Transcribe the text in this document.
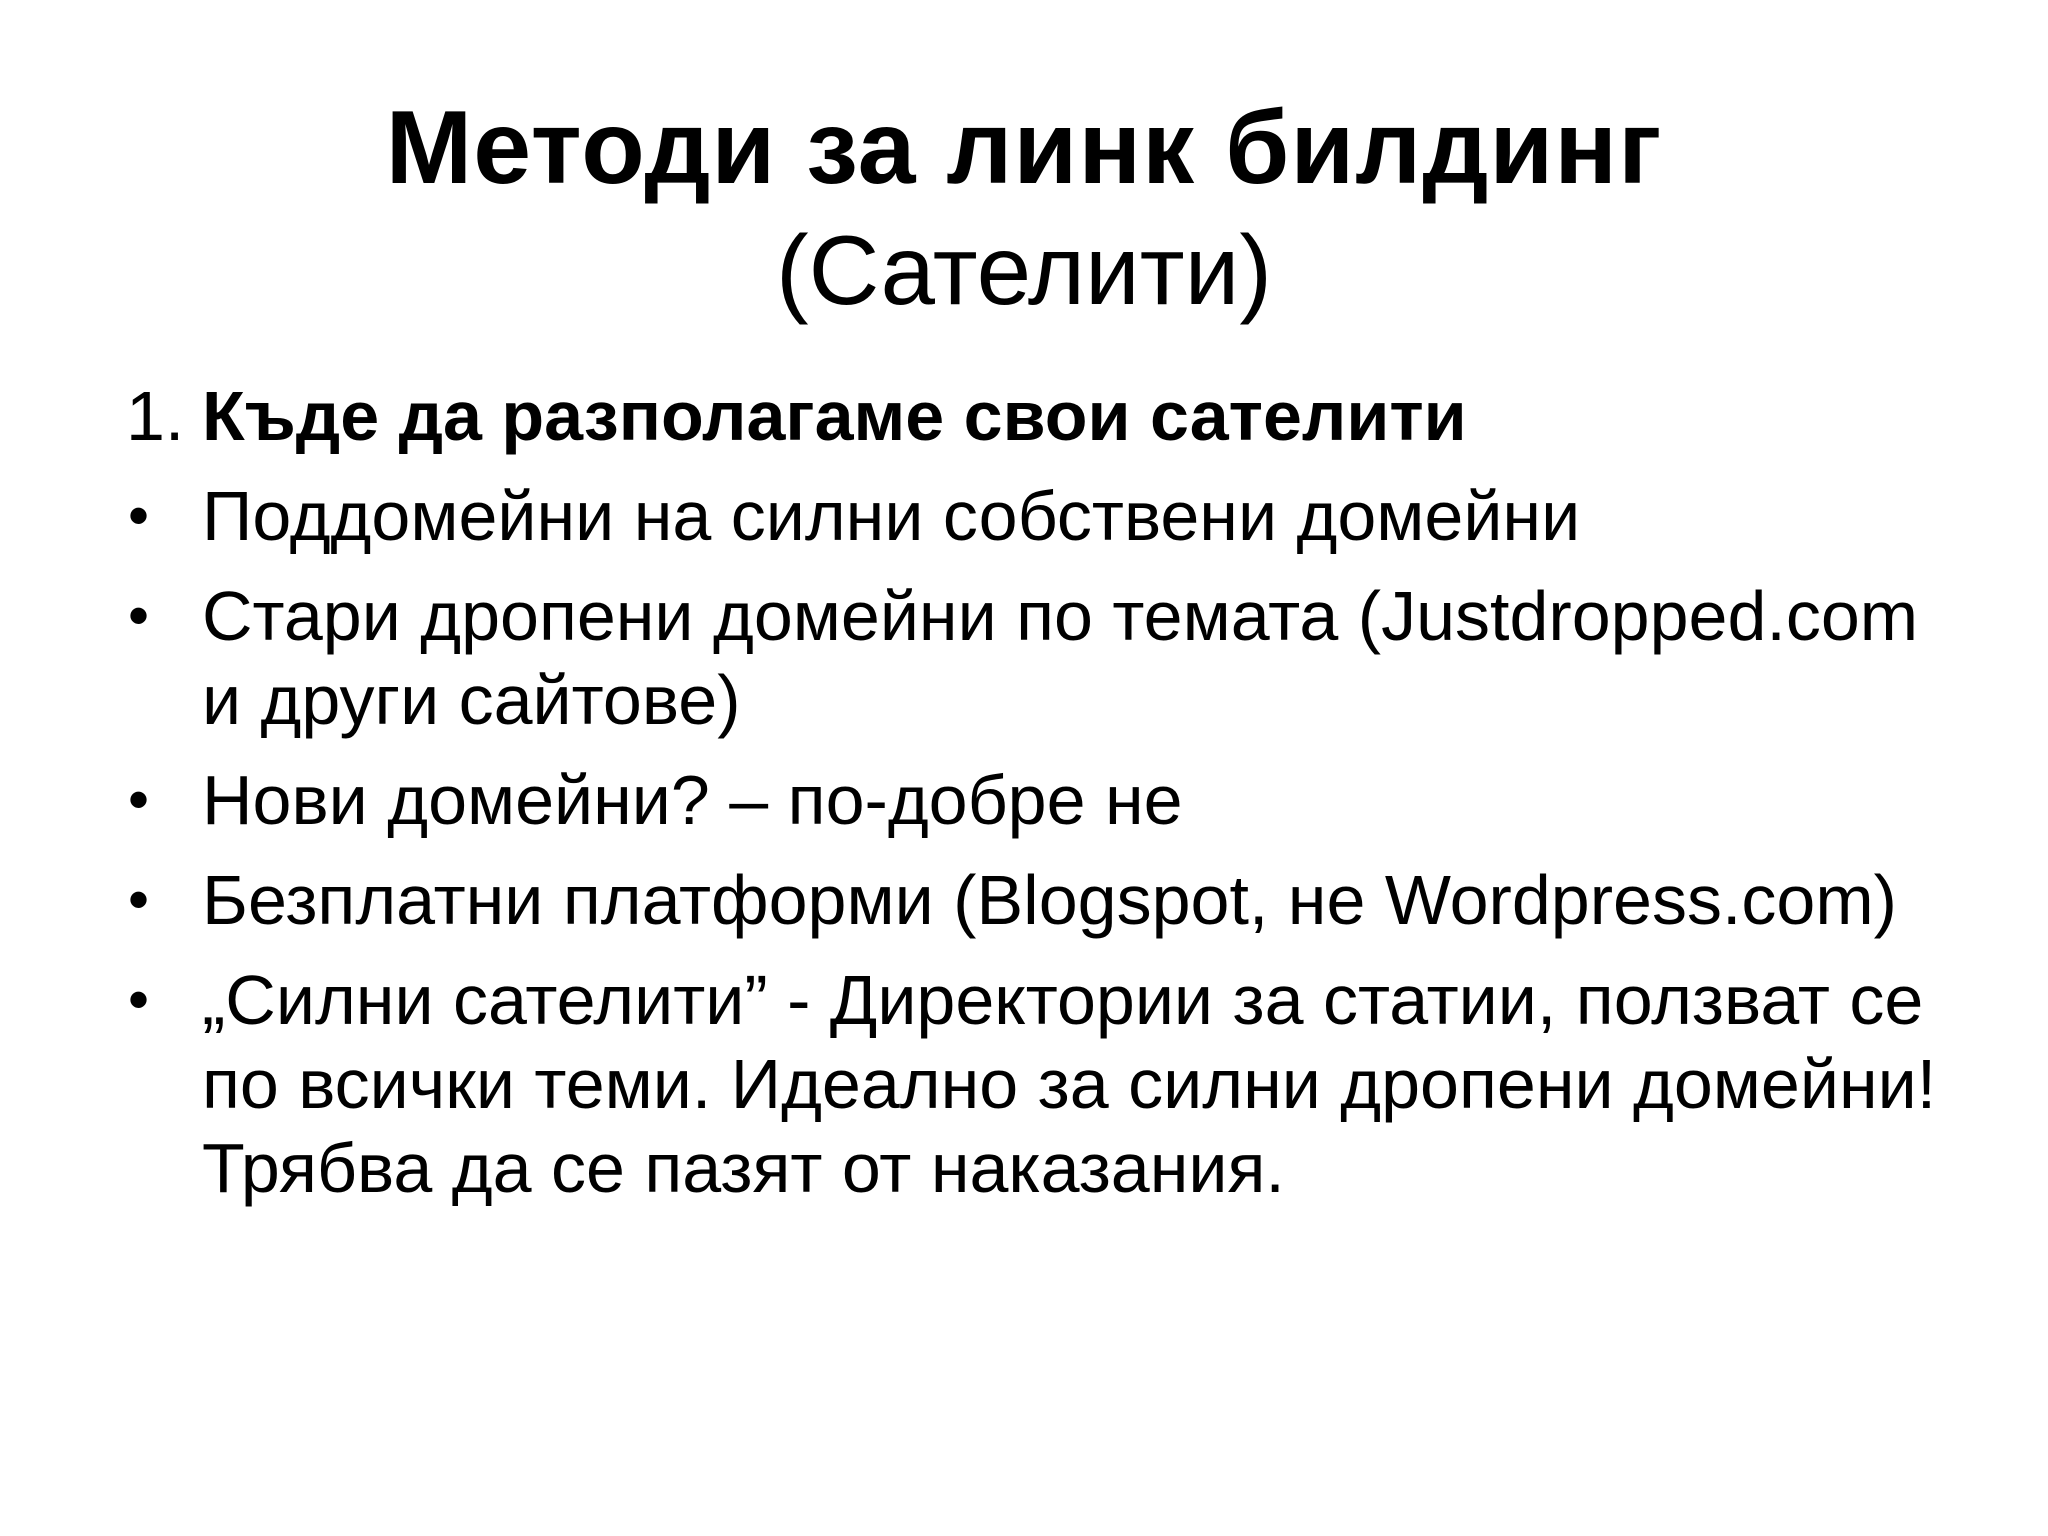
Методи за линк билдинг
(Сателити)
1. Къде да разполагаме свои сателити
• Поддомейни на силни собствени домейни
• Стари дропени домейни по темата (Justdropped.com и други сайтове)
• Нови домейни? – по-добре не
• Безплатни платформи (Blogspot, не Wordpress.com)
• „Силни сателити” - Директории за статии, ползват се по всички теми. Идеално за силни дропени домейни! Трябва да се пазят от наказания.
